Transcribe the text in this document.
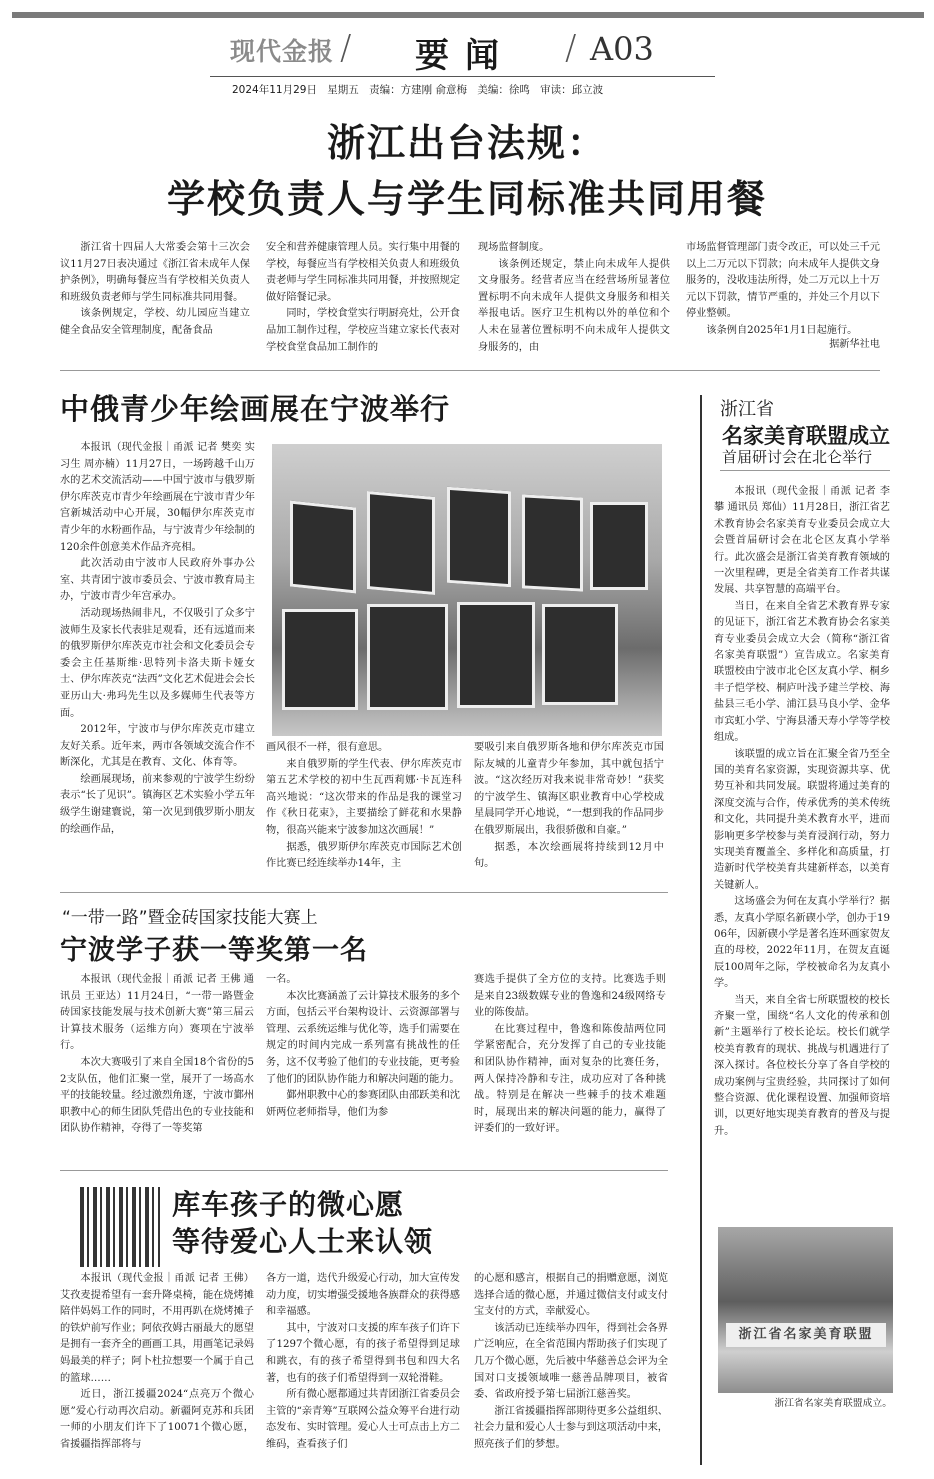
现代金报 / 要闻 / A03
2024年11月29日 星期五 责编：方建刚 俞意梅 美编：徐鸣 审读：邱立波
浙江出台法规：
学校负责人与学生同标准共同用餐

浙江省十四届人大常委会第十三次会议11月27日表决通过《浙江省未成年人保护条例》，明确每餐应当有学校相关负责人和班级负责老师与学生同标准共同用餐。

该条例规定，学校、幼儿园应当建立健全食品安全管理制度，配备食品

安全和营养健康管理人员。实行集中用餐的学校，每餐应当有学校相关负责人和班级负责老师与学生同标准共同用餐，并按照规定做好陪餐记录。

同时，学校食堂实行明厨亮灶，公开食品加工制作过程，学校应当建立家长代表对学校食堂食品加工制作的

现场监督制度。

该条例还规定，禁止向未成年人提供文身服务。经营者应当在经营场所显著位置标明不向未成年人提供文身服务和相关举报电话。医疗卫生机构以外的单位和个人未在显著位置标明不向未成年人提供文身服务的，由

市场监督管理部门责令改正，可以处三千元以上二万元以下罚款；向未成年人提供文身服务的，没收违法所得，处二万元以上十万元以下罚款，情节严重的，并处三个月以下停业整顿。

该条例自2025年1月1日起施行。

据新华社电
中俄青少年绘画展在宁波举行

本报讯（现代金报｜甬派 记者 樊奕 实习生 周亦楠）11月27日，一场跨越千山万水的艺术交流活动——中国宁波市与俄罗斯伊尔库茨克市青少年绘画展在宁波市青少年宫新城活动中心开展，30幅伊尔库茨克市青少年的水粉画作品，与宁波青少年绘制的120余件创意美术作品齐亮相。

此次活动由宁波市人民政府外事办公室、共青团宁波市委员会、宁波市教育局主办，宁波市青少年宫承办。

活动现场热闹非凡，不仅吸引了众多宁波师生及家长代表驻足观看，还有远道而来的俄罗斯伊尔库茨克市社会和文化委员会专委会主任基斯维·思特列卡洛夫斯卡娅女士、伊尔库茨克“法西”文化艺术促进会会长亚历山大·弗玛先生以及多媒师生代表等方面。

2012年，宁波市与伊尔库茨克市建立友好关系。近年来，两市各领域交流合作不断深化，尤其是在教育、文化、体育等。

绘画展现场，前来参观的宁波学生纷纷表示“长了见识”。镇海区艺术实验小学五年级学生谢建寰说，第一次见到俄罗斯小朋友的绘画作品，

画风很不一样，很有意思。

来自俄罗斯的学生代表、伊尔库茨克市第五艺术学校的初中生瓦西莉娜·卡瓦连科高兴地说：“这次带来的作品是我的课堂习作《秋日花束》，主要描绘了鲜花和水果静物，很高兴能来宁波参加这次画展！”

据悉，俄罗斯伊尔库茨克市国际艺术创作比赛已经连续举办14年，主

要吸引来自俄罗斯各地和伊尔库茨克市国际友城的儿童青少年参加，其中就包括宁波。“这次经历对我来说非常奇妙！”获奖的宁波学生、镇海区职业教育中心学校成星晨同学开心地说，“一想到我的作品同步在俄罗斯展出，我很骄傲和自豪。”

据悉，本次绘画展将持续到12月中旬。

“一带一路”暨金砖国家技能大赛上
宁波学子获一等奖第一名

本报讯（现代金报｜甬派 记者 王佛 通讯员 王亚达）11月24日，“一带一路暨金砖国家技能发展与技术创新大赛”第三届云计算技术服务（运维方向）赛项在宁波举行。

本次大赛吸引了来自全国18个省份的52支队伍，他们汇聚一堂，展开了一场高水平的技能较量。经过激烈角逐，宁波市鄞州职教中心的师生团队凭借出色的专业技能和团队协作精神，夺得了一等奖第

一名。

本次比赛涵盖了云计算技术服务的多个方面，包括云平台架构设计、云资源部署与管理、云系统运维与优化等，选手们需要在规定的时间内完成一系列富有挑战性的任务，这不仅考验了他们的专业技能，更考验了他们的团队协作能力和解决问题的能力。

鄞州职教中心的参赛团队由邵跃美和沈妍两位老师指导，他们为参

赛选手提供了全方位的支持。比赛选手则是来自23级数媒专业的鲁逸和24级网络专业的陈俊喆。

在比赛过程中，鲁逸和陈俊喆两位同学紧密配合，充分发挥了自己的专业技能和团队协作精神，面对复杂的比赛任务，两人保持冷静和专注，成功应对了各种挑战。特别是在解决一些棘手的技术难题时，展现出来的解决问题的能力，赢得了评委们的一致好评。

库车孩子的微心愿
等待爱心人士来认领

本报讯（现代金报｜甬派 记者 王佛）艾孜麦提希望有一套升降桌椅，能在烧烤摊陪伴妈妈工作的同时，不用再趴在烧烤摊子的铁炉前写作业；阿依孜姆古丽最大的愿望是拥有一套齐全的画画工具，用画笔记录妈妈最美的样子；阿卜杜拉想要一个属于自己的篮球……

近日，浙江援疆2024“点亮万个微心愿”爱心行动再次启动。新疆阿克苏和兵团一师的小朋友们许下了10071个微心愿，省援疆指挥部将与

各方一道，迭代升级爱心行动，加大宣传发动力度，切实增强受援地各族群众的获得感和幸福感。

其中，宁波对口支援的库车孩子们许下了1297个微心愿，有的孩子希望得到足球和跳衣，有的孩子希望得到书包和四大名著，也有的孩子们希望得到一双轮滑鞋。

所有微心愿都通过共青团浙江省委员会主管的“亲青筹”互联网公益众筹平台进行动态发布、实时管理。爱心人士可点击上方二维码，查看孩子们

的心愿和感言，根据自己的捐赠意愿，浏览选择合适的微心愿，并通过微信支付或支付宝支付的方式，幸献爱心。

该活动已连续举办四年，得到社会各界广泛响应，在全省范围内帮助孩子们实现了几万个微心愿，先后被中华慈善总会评为全国对口支援领域唯一慈善品牌项目，被省委、省政府授予第七届浙江慈善奖。

浙江省援疆指挥部期待更多公益组织、社会力量和爱心人士参与到这项活动中来，照亮孩子们的梦想。

浙江省
名家美育联盟成立
首届研讨会在北仑举行

本报讯（现代金报｜甬派 记者 李攀 通讯员 郑仙）11月28日，浙江省艺术教育协会名家美育专业委员会成立大会暨首届研讨会在北仑区友真小学举行。此次盛会是浙江省美育教育领域的一次里程碑，更是全省美育工作者共谋发展、共享智慧的高端平台。

当日，在来自全省艺术教育界专家的见证下，浙江省艺术教育协会名家美育专业委员会成立大会（简称“浙江省名家美育联盟”）宣告成立。名家美育联盟校由宁波市北仑区友真小学、桐乡丰子恺学校、桐庐叶浅予建兰学校、海盐县三毛小学、浦江县马良小学、金华市宾虹小学、宁海县潘天寿小学等学校组成。

该联盟的成立旨在汇聚全省乃至全国的美育名家资源，实现资源共享、优势互补和共同发展。联盟将通过美育的深度交流与合作，传承优秀的美术传统和文化，共同提升美术教育水平，进而影响更多学校参与美育浸润行动，努力实现美育覆盖全、多样化和高质量，打造新时代学校美育共建新样态，以美育关键新人。

这场盛会为何在友真小学举行？据悉，友真小学原名新碶小学，创办于1906年，因新碶小学是著名连环画家贺友直的母校，2022年11月，在贺友直诞辰100周年之际，学校被命名为友真小学。

当天，来自全省七所联盟校的校长齐聚一堂，围绕“名人文化的传承和创新”主题举行了校长论坛。校长们就学校美育教育的现状、挑战与机遇进行了深入探讨。各位校长分享了各自学校的成功案例与宝贵经验，共同探讨了如何整合资源、优化课程设置、加强师资培训，以更好地实现美育教育的普及与提升。

浙江省名家美育联盟
浙江省名家美育联盟成立。
